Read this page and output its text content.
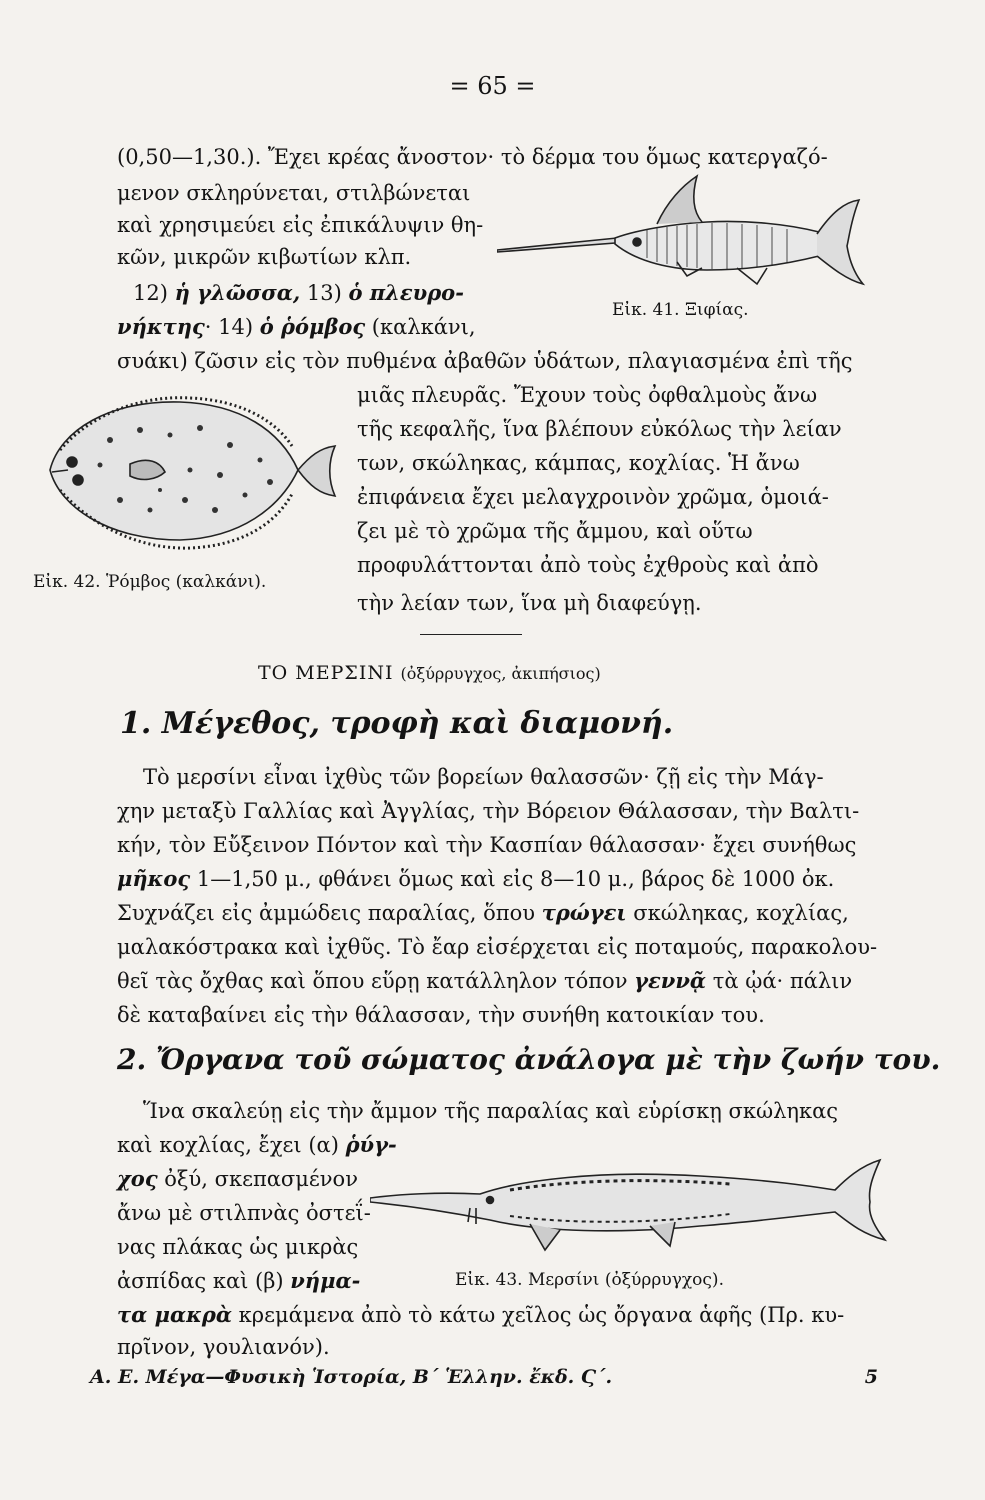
= 65 =
(0,50—1,30.). Ἔχει κρέας ἄνοστον· τὸ δέρμα του ὅμως κατεργαζό-
μενον σκληρύνεται, στιλβώνεται
καὶ χρησιμεύει εἰς ἐπικάλυψιν θη-
κῶν, μικρῶν κιβωτίων κλπ.
12) ἡ γλῶσσα, 13) ὁ πλευρο-
νήκτης· 14) ὁ ῥόμβος (καλκάνι,
συάκι) ζῶσιν εἰς τὸν πυθμένα ἀβαθῶν ὑδάτων, πλαγιασμένα ἐπὶ τῆς
Εἰκ. 41. Ξιφίας.
Εἰκ. 42. Ῥόμβος (καλκάνι).
μιᾶς πλευρᾶς. Ἔχουν τοὺς ὀφθαλμοὺς ἄνω
τῆς κεφαλῆς, ἵνα βλέπουν εὐκόλως τὴν λείαν
των, σκώληκας, κάμπας, κοχλίας. Ἡ ἄνω
ἐπιφάνεια ἔχει μελαγχροινὸν χρῶμα, ὁμοιά-
ζει μὲ τὸ χρῶμα τῆς ἄμμου, καὶ οὕτω
προφυλάττονται ἀπὸ τοὺς ἐχθροὺς καὶ ἀπὸ
τὴν λείαν των, ἵνα μὴ διαφεύγῃ.
ΤΟ ΜΕΡΣΙΝΙ (ὀξύρρυγχος, ἀκιπήσιος)
1. Μέγεθος, τροφὴ καὶ διαμονή.
Τὸ μερσίνι εἶναι ἰχθὺς τῶν βορείων θαλασσῶν· ζῇ εἰς τὴν Μάγ-
χην μεταξὺ Γαλλίας καὶ Ἀγγλίας, τὴν Βόρειον Θάλασσαν, τὴν Βαλτι-
κήν, τὸν Εὔξεινον Πόντον καὶ τὴν Κασπίαν θάλασσαν· ἔχει συνήθως
μῆκος 1—1,50 μ., φθάνει ὅμως καὶ εἰς 8—10 μ., βάρος δὲ 1000 ὀκ.
Συχνάζει εἰς ἀμμώδεις παραλίας, ὅπου τρώγει σκώληκας, κοχλίας,
μαλακόστρακα καὶ ἰχθῦς. Τὸ ἔαρ εἰσέρχεται εἰς ποταμούς, παρακολου-
θεῖ τὰς ὄχθας καὶ ὅπου εὕρῃ κατάλληλον τόπον γεννᾷ τὰ ᾠά· πάλιν
δὲ καταβαίνει εἰς τὴν θάλασσαν, τὴν συνήθη κατοικίαν του.
2. Ὄργανα τοῦ σώματος ἀνάλογα μὲ τὴν ζωήν του.
Ἵνα σκαλεύῃ εἰς τὴν ἄμμον τῆς παραλίας καὶ εὑρίσκῃ σκώληκας
καὶ κοχλίας, ἔχει (α) ῥύγ-
χος ὀξύ, σκεπασμένον
ἄνω μὲ στιλπνὰς ὀστεΐ-
νας πλάκας ὡς μικρὰς
ἀσπίδας καὶ (β) νήμα-
τα μακρὰ κρεμάμενα ἀπὸ τὸ κάτω χεῖλος ὡς ὄργανα ἁφῆς (Πρ. κυ-
πρῖνον, γουλιανόν).
Εἰκ. 43. Μερσίνι (ὀξύρρυγχος).
Α. Ε. Μέγα—Φυσικὴ Ἱστορία, Β΄ Ἑλλην. ἔκδ. Ϛ΄.	5
